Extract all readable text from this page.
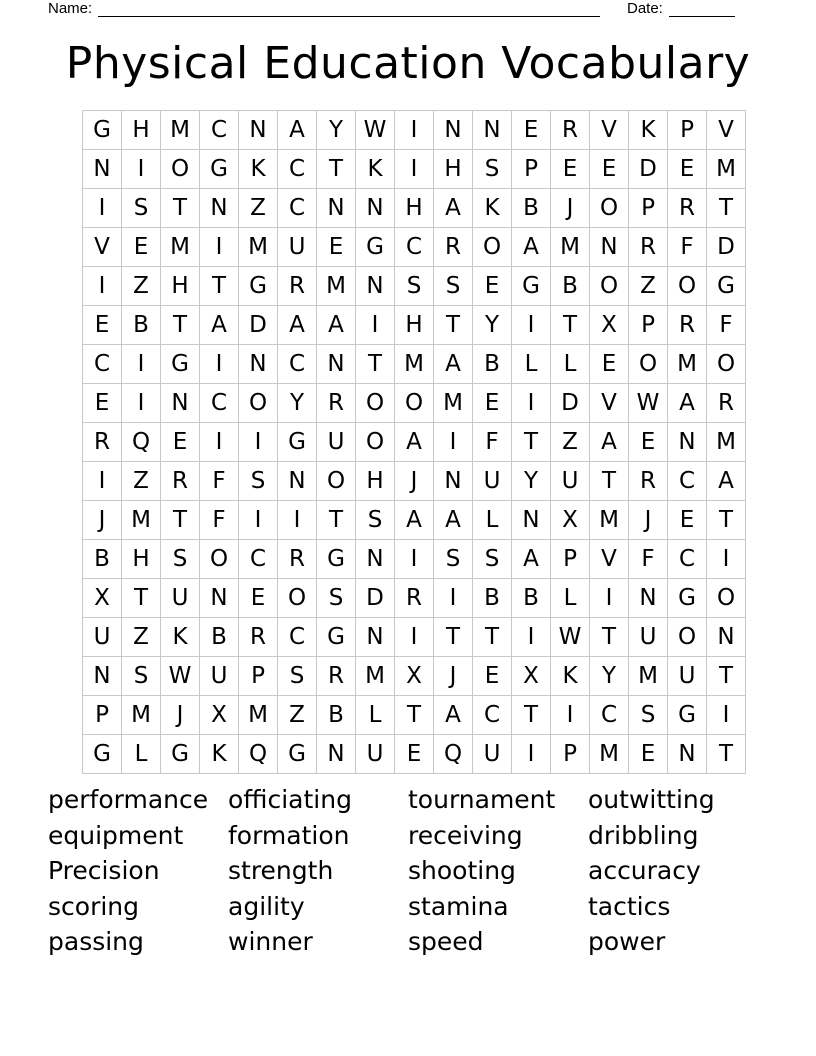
Name:	Date:
Physical Education Vocabulary
G	H	M	C	N	A	Y	W	I	N	N	E	R	V	K	P	V
N	I	O	G	K	C	T	K	I	H	S	P	E	E	D	E	M
I	S	T	N	Z	C	N	N	H	A	K	B	J	O	P	R	T
V	E	M	I	M	U	E	G	C	R	O	A	M	N	R	F	D
I	Z	H	T	G	R	M	N	S	S	E	G	B	O	Z	O	G
E	B	T	A	D	A	A	I	H	T	Y	I	T	X	P	R	F
C	I	G	I	N	C	N	T	M	A	B	L	L	E	O	M	O
E	I	N	C	O	Y	R	O	O	M	E	I	D	V	W	A	R
R	Q	E	I	I	G	U	O	A	I	F	T	Z	A	E	N	M
I	Z	R	F	S	N	O	H	J	N	U	Y	U	T	R	C	A
J	M	T	F	I	I	T	S	A	A	L	N	X	M	J	E	T
B	H	S	O	C	R	G	N	I	S	S	A	P	V	F	C	I
X	T	U	N	E	O	S	D	R	I	B	B	L	I	N	G	O
U	Z	K	B	R	C	G	N	I	T	T	I	W	T	U	O	N
N	S	W	U	P	S	R	M	X	J	E	X	K	Y	M	U	T
P	M	J	X	M	Z	B	L	T	A	C	T	I	C	S	G	I
G	L	G	K	Q	G	N	U	E	Q	U	I	P	M	E	N	T
performance
equipment
Precision
scoring
passing
officiating
formation
strength
agility
winner
tournament
receiving
shooting
stamina
speed
outwitting
dribbling
accuracy
tactics
power
